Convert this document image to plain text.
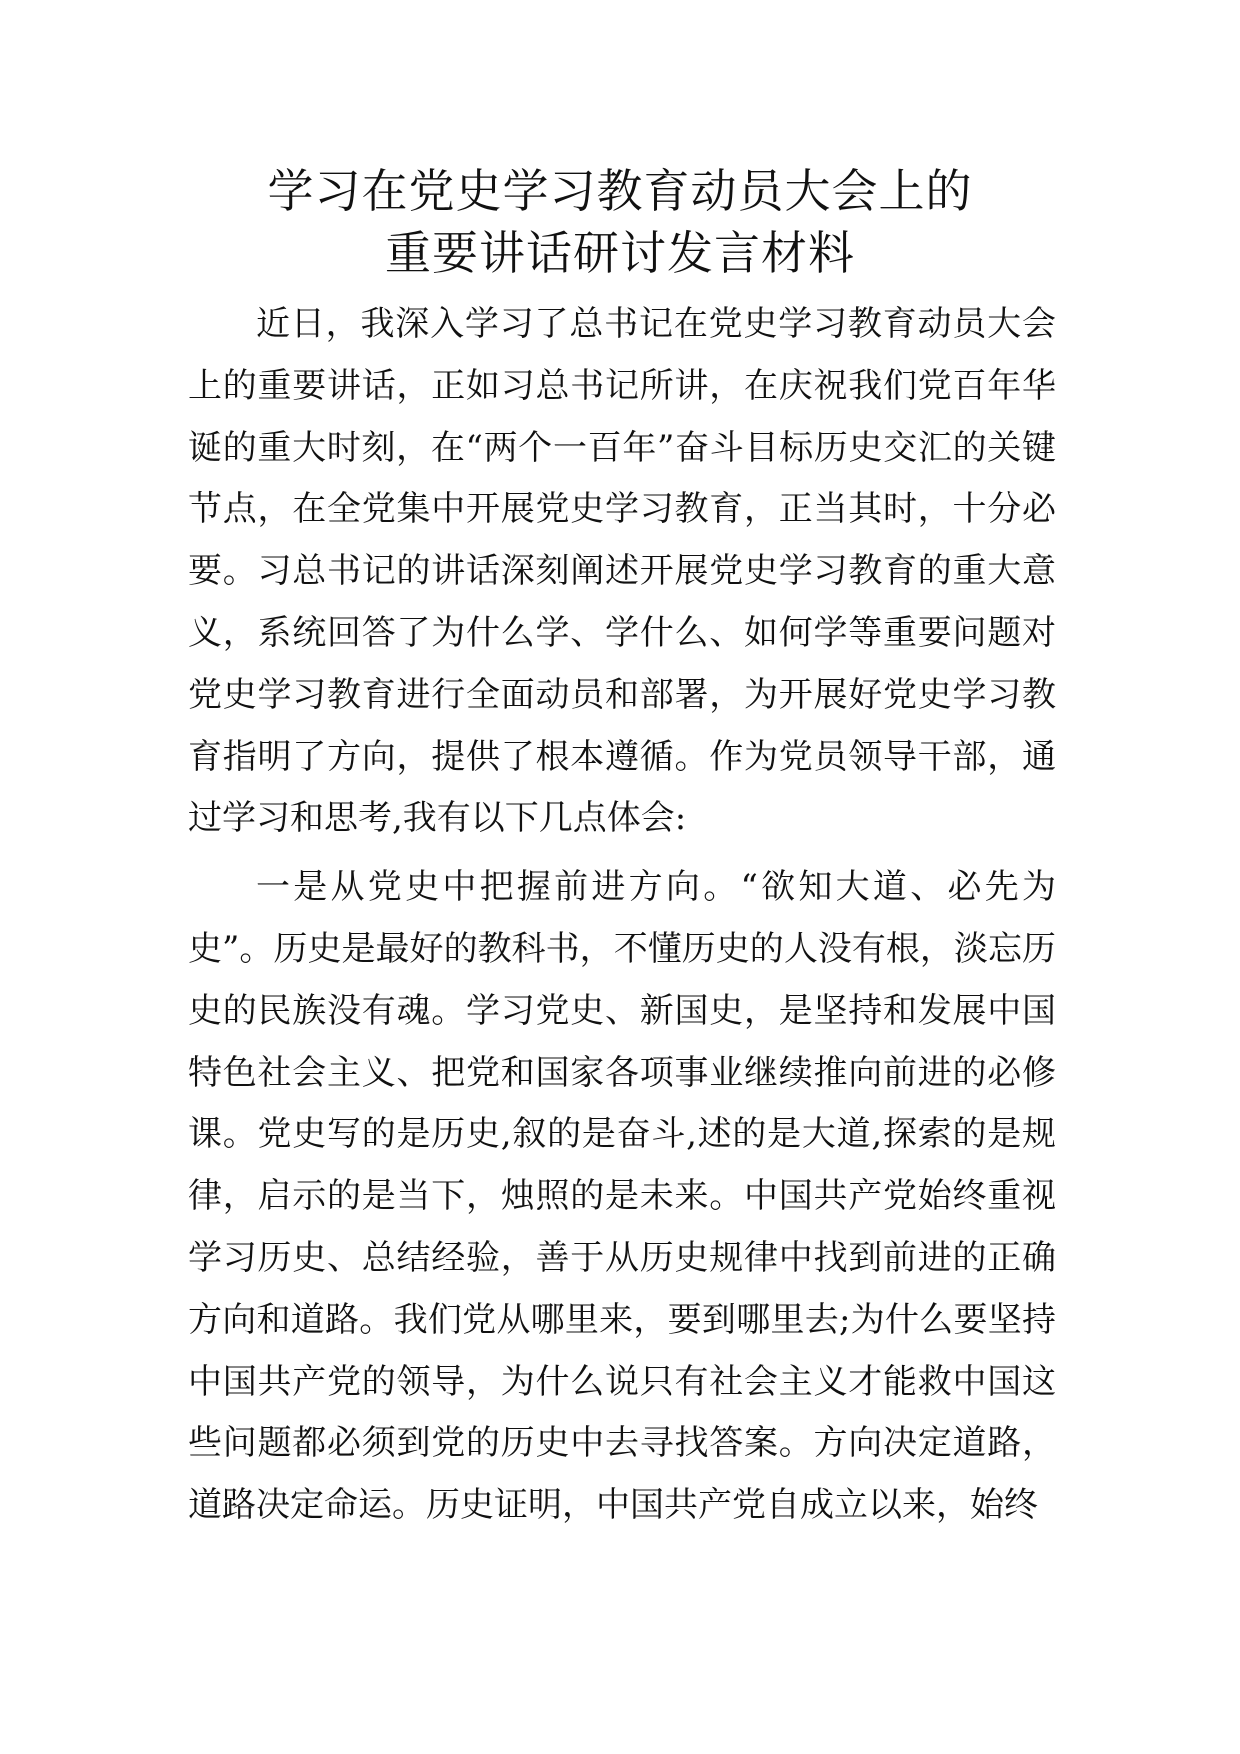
学习在党史学习教育动员大会上的
重要讲话研讨发言材料

近日，我深入学习了总书记在党史学习教育动员大会上的重要讲话，正如习总书记所讲，在庆祝我们党百年华诞的重大时刻，在“两个一百年”奋斗目标历史交汇的关键节点，在全党集中开展党史学习教育，正当其时，十分必要。习总书记的讲话深刻阐述开展党史学习教育的重大意义，系统回答了为什么学、学什么、如何学等重要问题对党史学习教育进行全面动员和部署，为开展好党史学习教育指明了方向，提供了根本遵循。作为党员领导干部，通过学习和思考,我有以下几点体会:

一是从党史中把握前进方向。“欲知大道、必先为史”。历史是最好的教科书，不懂历史的人没有根，淡忘历史的民族没有魂。学习党史、新国史，是坚持和发展中国特色社会主义、把党和国家各项事业继续推向前进的必修课。党史写的是历史,叙的是奋斗,述的是大道,探索的是规律，启示的是当下，烛照的是未来。中国共产党始终重视学习历史、总结经验，善于从历史规律中找到前进的正确方向和道路。我们党从哪里来，要到哪里去;为什么要坚持中国共产党的领导，为什么说只有社会主义才能救中国这些问题都必须到党的历史中去寻找答案。方向决定道路，道路决定命运。历史证明，中国共产党自成立以来，始终
